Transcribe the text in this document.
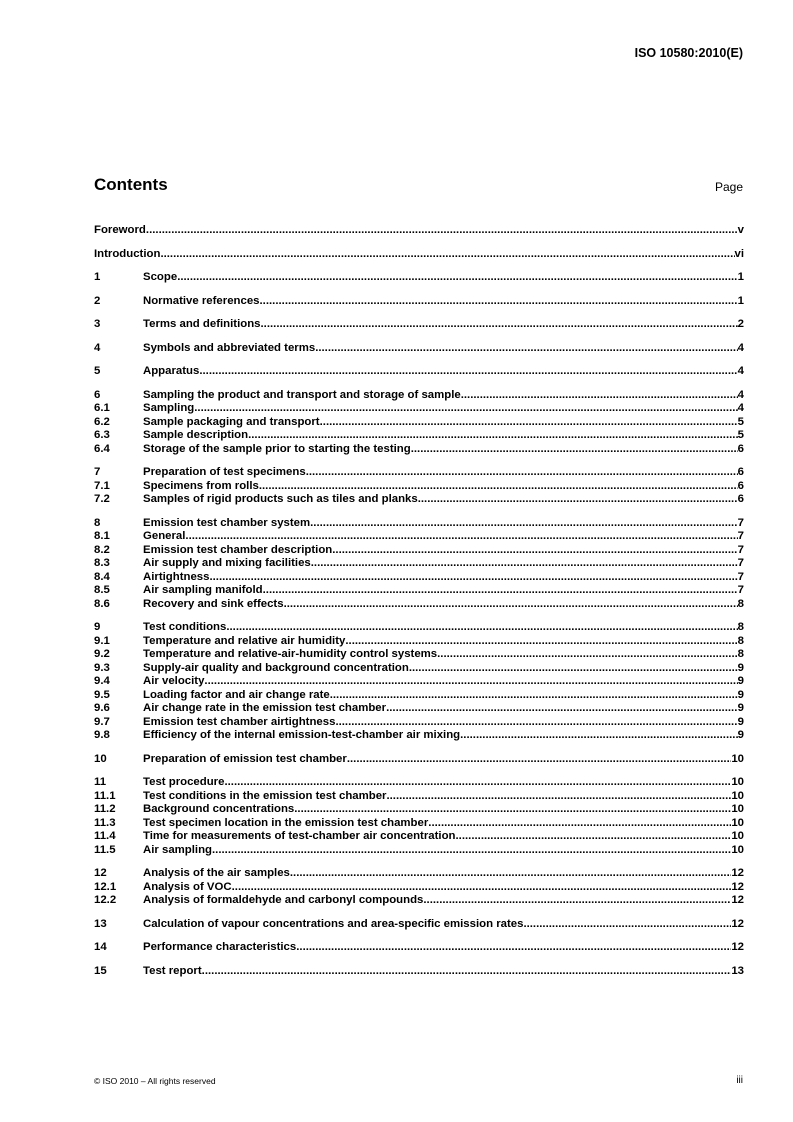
ISO 10580:2010(E)
Contents	Page
Foreword .....	v
Introduction .....	vi
1	Scope .....	1
2	Normative references .....	1
3	Terms and definitions .....	2
4	Symbols and abbreviated terms .....	4
5	Apparatus .....	4
6	Sampling the product and transport and storage of sample .....	4
6.1	Sampling .....	4
6.2	Sample packaging and transport .....	5
6.3	Sample description .....	5
6.4	Storage of the sample prior to starting the testing .....	6
7	Preparation of test specimens .....	6
7.1	Specimens from rolls .....	6
7.2	Samples of rigid products such as tiles and planks .....	6
8	Emission test chamber system .....	7
8.1	General .....	7
8.2	Emission test chamber description .....	7
8.3	Air supply and mixing facilities .....	7
8.4	Airtightness .....	7
8.5	Air sampling manifold .....	7
8.6	Recovery and sink effects .....	8
9	Test conditions .....	8
9.1	Temperature and relative air humidity .....	8
9.2	Temperature and relative-air-humidity control systems .....	8
9.3	Supply-air quality and background concentration .....	9
9.4	Air velocity .....	9
9.5	Loading factor and air change rate .....	9
9.6	Air change rate in the emission test chamber .....	9
9.7	Emission test chamber airtightness .....	9
9.8	Efficiency of the internal emission-test-chamber air mixing .....	9
10	Preparation of emission test chamber .....	10
11	Test procedure .....	10
11.1	Test conditions in the emission test chamber .....	10
11.2	Background concentrations .....	10
11.3	Test specimen location in the emission test chamber .....	10
11.4	Time for measurements of test-chamber air concentration .....	10
11.5	Air sampling .....	10
12	Analysis of the air samples .....	12
12.1	Analysis of VOC .....	12
12.2	Analysis of formaldehyde and carbonyl compounds .....	12
13	Calculation of vapour concentrations and area-specific emission rates .....	12
14	Performance characteristics .....	12
15	Test report .....	13
© ISO 2010 – All rights reserved	iii
